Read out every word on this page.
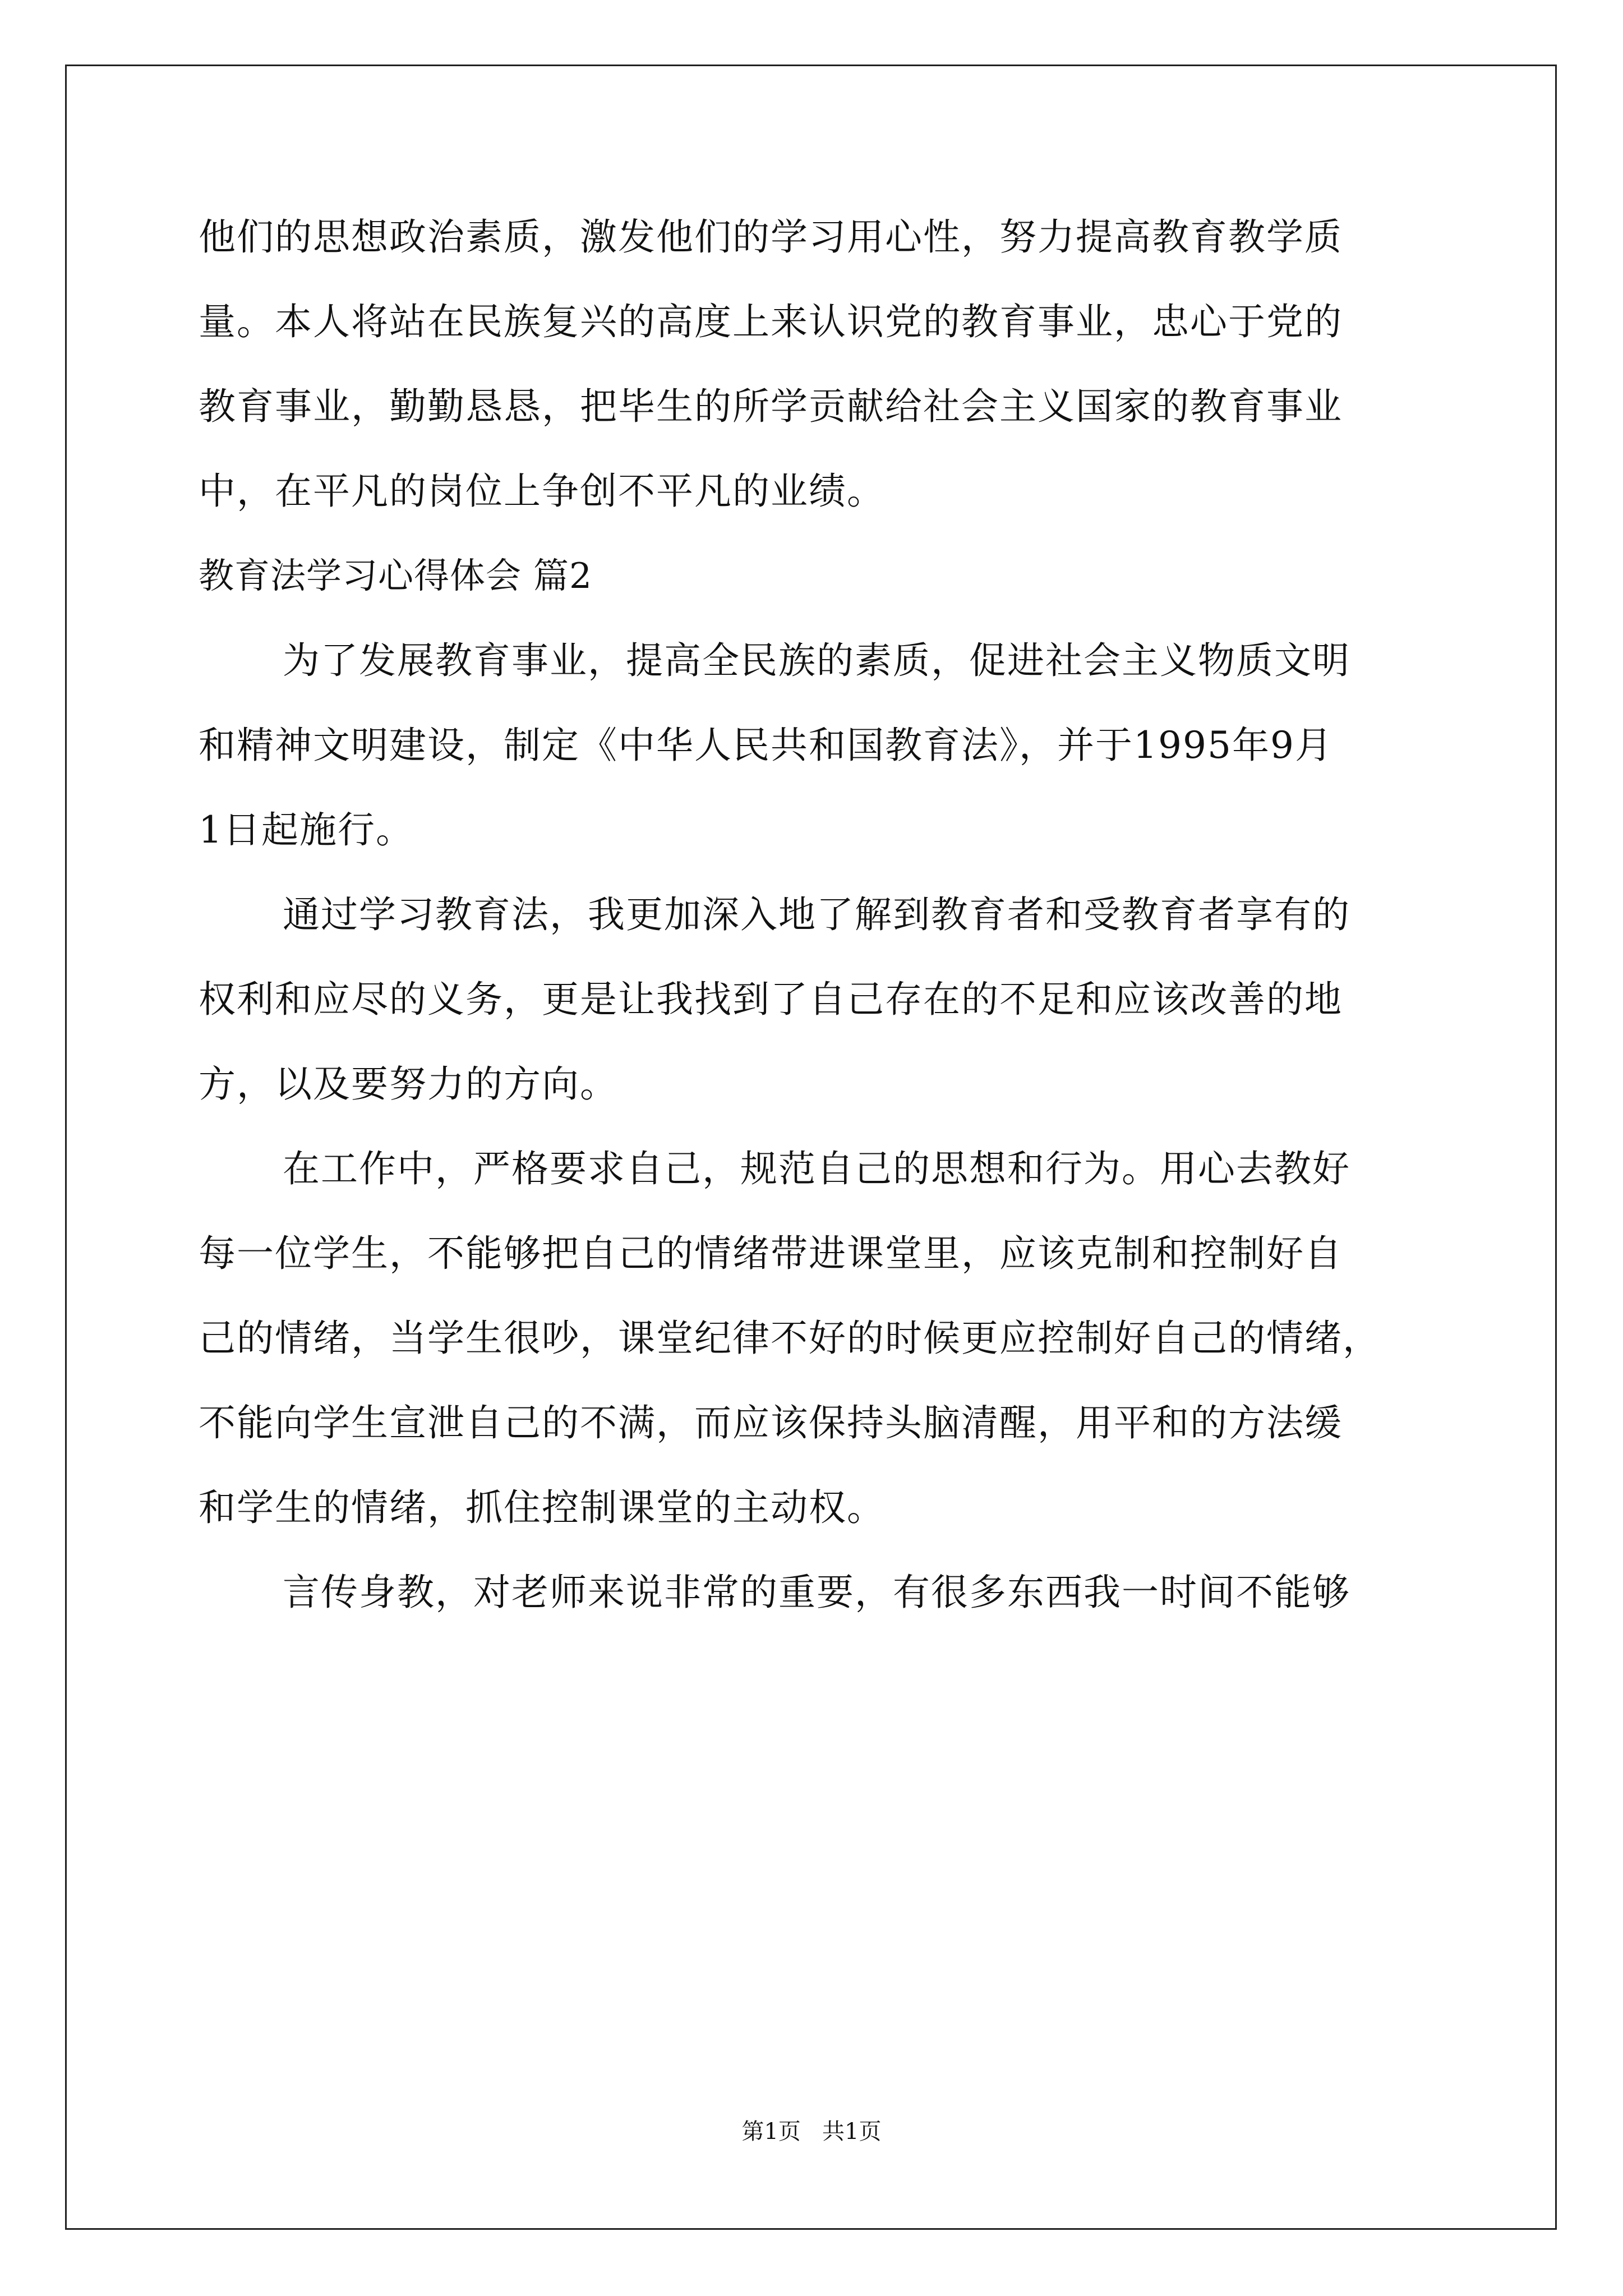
他们的思想政治素质，激发他们的学习用心性，努力提高教育教学质
量。本人将站在民族复兴的高度上来认识党的教育事业，忠心于党的
教育事业，勤勤恳恳，把毕生的所学贡献给社会主义国家的教育事业
中，在平凡的岗位上争创不平凡的业绩。
教育法学习心得体会 篇2
为了发展教育事业，提高全民族的素质，促进社会主义物质文明
和精神文明建设，制定《中华人民共和国教育法》，并于1995年9月
1日起施行。
通过学习教育法，我更加深入地了解到教育者和受教育者享有的
权利和应尽的义务，更是让我找到了自己存在的不足和应该改善的地
方，以及要努力的方向。
在工作中，严格要求自己，规范自己的思想和行为。用心去教好
每一位学生，不能够把自己的情绪带进课堂里，应该克制和控制好自
己的情绪，当学生很吵，课堂纪律不好的时候更应控制好自己的情绪，
不能向学生宣泄自己的不满，而应该保持头脑清醒，用平和的方法缓
和学生的情绪，抓住控制课堂的主动权。
言传身教，对老师来说非常的重要，有很多东西我一时间不能够
第1页   共1页
